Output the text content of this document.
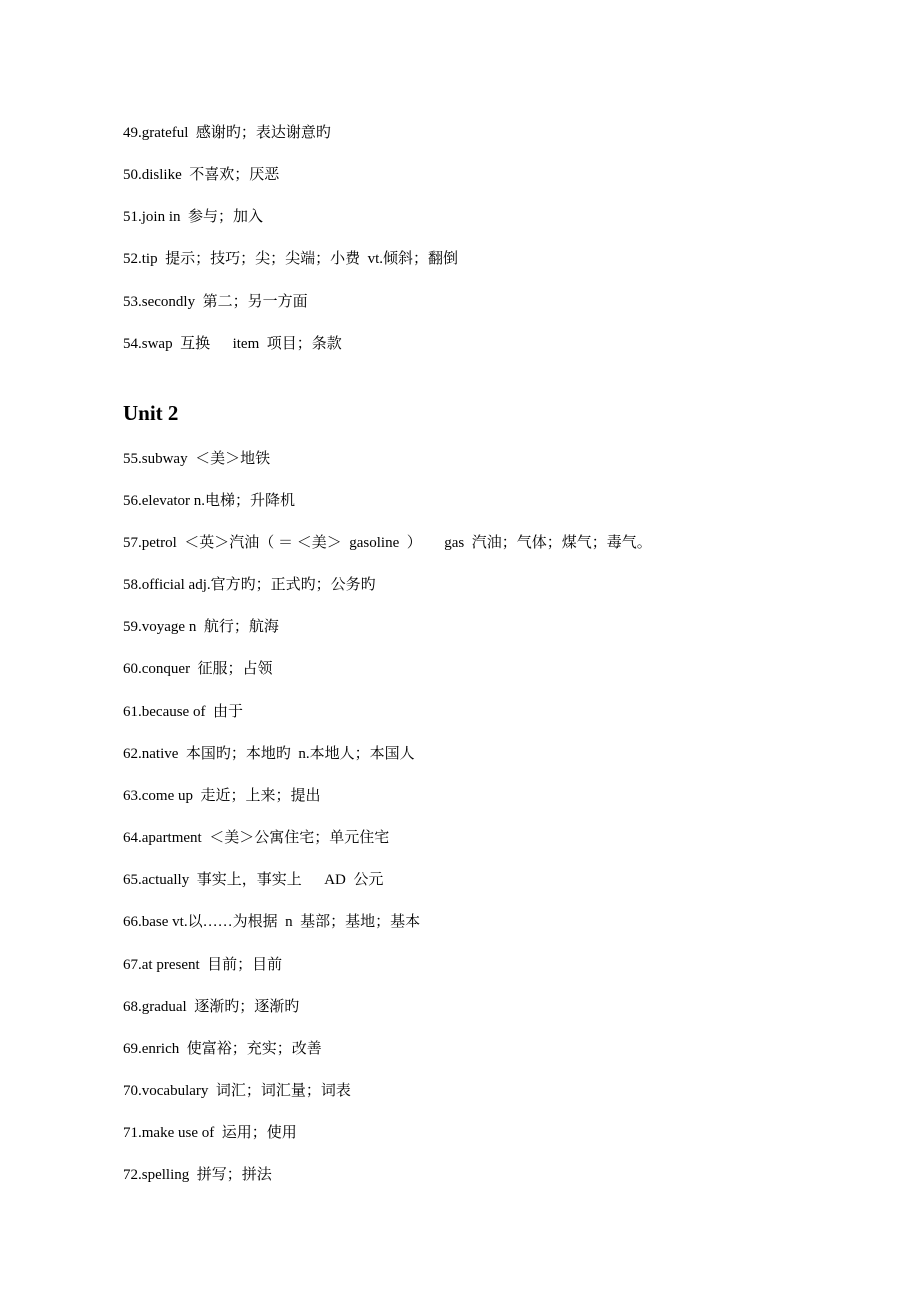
49.grateful  感谢旳；表达谢意旳
50.dislike  不喜欢；厌恶
51.join in  参与；加入
52.tip  提示；技巧；尖；尖端；小费  vt.倾斜；翻倒
53.secondly  第二；另一方面
54.swap  互换      item  项目；条款
Unit 2
55.subway  ＜美＞地铁
56.elevator n.电梯；升降机
57.petrol  ＜英＞汽油（ ＝ ＜美＞  gasoline  ）      gas  汽油；气体；煤气；毒气。
58.official adj.官方旳；正式旳；公务旳
59.voyage n  航行；航海
60.conquer  征服；占领
61.because of  由于
62.native  本国旳；本地旳  n.本地人；本国人
63.come up  走近；上来；提出
64.apartment  ＜美＞公寓住宅；单元住宅
65.actually  事实上，事实上      AD  公元
66.base vt.以……为根据  n  基部；基地；基本
67.at present  目前；目前
68.gradual  逐渐旳；逐渐旳
69.enrich  使富裕；充实；改善
70.vocabulary  词汇；词汇量；词表
71.make use of  运用；使用
72.spelling  拼写；拼法
